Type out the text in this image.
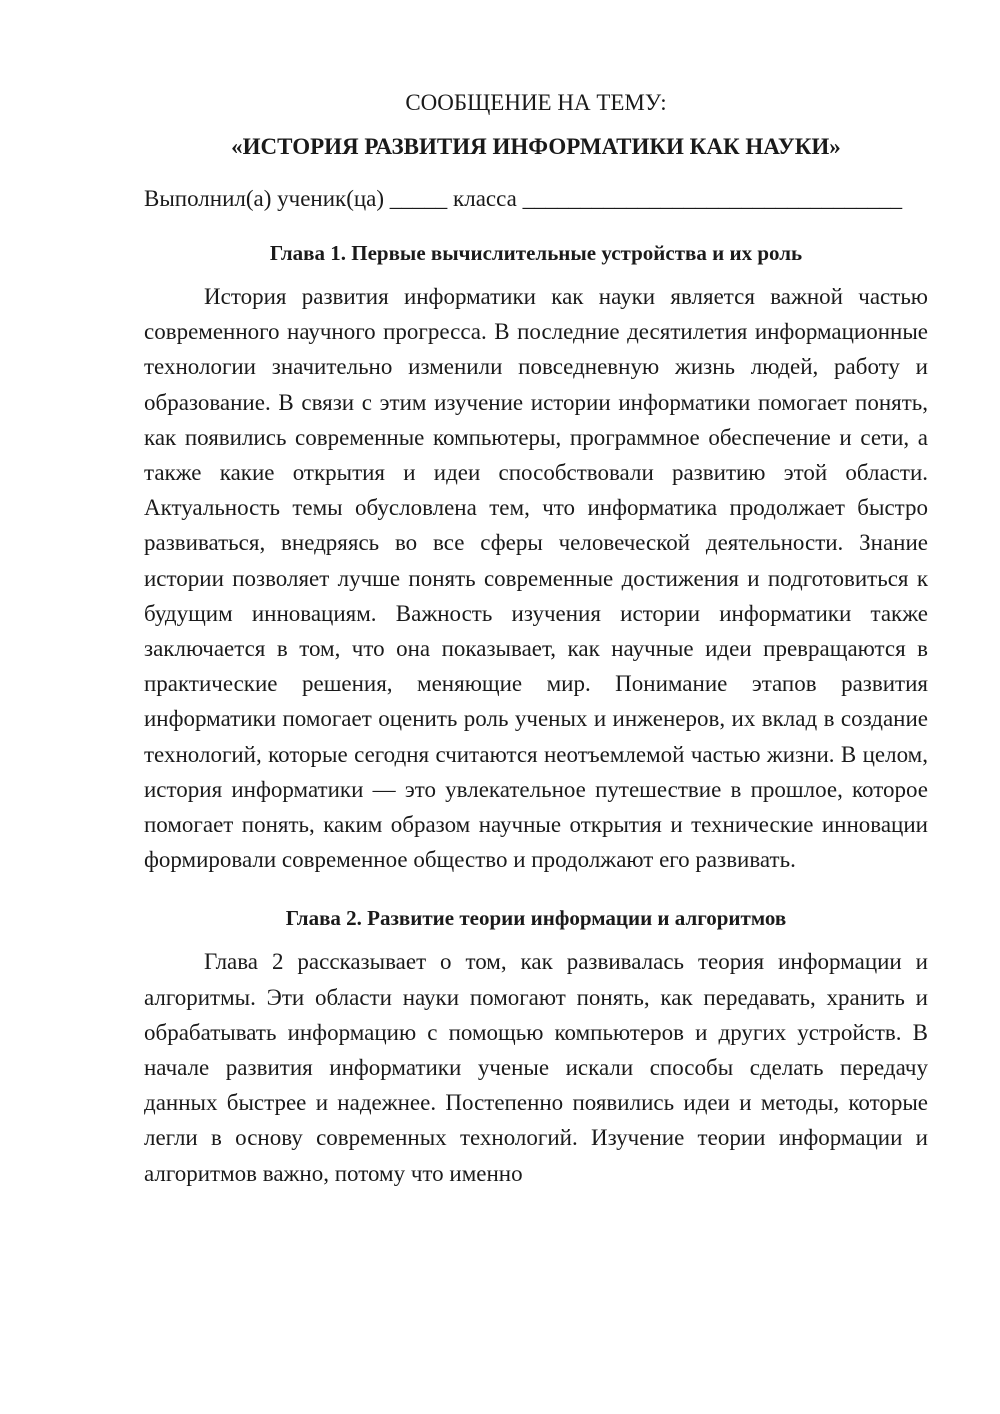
СООБЩЕНИЕ НА ТЕМУ:

«ИСТОРИЯ РАЗВИТИЯ ИНФОРМАТИКИ КАК НАУКИ»

Выполнил(а) ученик(ца) _____ класса _________________________________

Глава 1. Первые вычислительные устройства и их роль

История развития информатики как науки является важной частью современного научного прогресса. В последние десятилетия информационные технологии значительно изменили повседневную жизнь людей, работу и образование. В связи с этим изучение истории информатики помогает понять, как появились современные компьютеры, программное обеспечение и сети, а также какие открытия и идеи способствовали развитию этой области. Актуальность темы обусловлена тем, что информатика продолжает быстро развиваться, внедряясь во все сферы человеческой деятельности. Знание истории позволяет лучше понять современные достижения и подготовиться к будущим инновациям. Важность изучения истории информатики также заключается в том, что она показывает, как научные идеи превращаются в практические решения, меняющие мир. Понимание этапов развития информатики помогает оценить роль ученых и инженеров, их вклад в создание технологий, которые сегодня считаются неотъемлемой частью жизни. В целом, история информатики — это увлекательное путешествие в прошлое, которое помогает понять, каким образом научные открытия и технические инновации формировали современное общество и продолжают его развивать.

Глава 2. Развитие теории информации и алгоритмов

Глава 2 рассказывает о том, как развивалась теория информации и алгоритмы. Эти области науки помогают понять, как передавать, хранить и обрабатывать информацию с помощью компьютеров и других устройств. В начале развития информатики ученые искали способы сделать передачу данных быстрее и надежнее. Постепенно появились идеи и методы, которые легли в основу современных технологий. Изучение теории информации и алгоритмов важно, потому что именно
